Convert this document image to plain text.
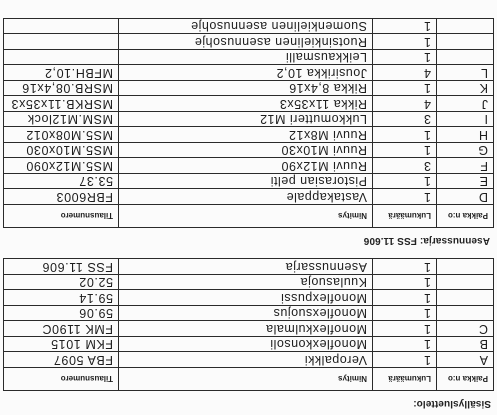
Sisällysluettelo:
Paikka n:o	Lukumäärä	Nimitys	Tilausnumero
A	1	Veropalkki	FBA 5097
B	1	Monoflexkonsoli	FKM 1015
C	1	Monoflexkulmala	FMK 1190C
	1	Monoflexsuojus	59.06
	1	Monoflexpussi	59.14
	1	Kuulasuoja	52.02
	1	Asennussarja	FSS 11.606
Asennussarja: FSS 11.606
Paikka n:o	Lukumäärä	Nimitys	Tilausnumero
D	1	Vastakappale	FBR6003
E	1	Pistorasian pelti	53.37
F	3	Ruuvi M12x90	MS5.M12x090
G	1	Ruuvi M10x30	MS5.M10x030
H	1	Ruuvi M8x12	MS5.M08x012
I	3	Lukkomutteri M12	MSM.M12lock
J	4	Rikka 11x35x3	MSRKB.11x35x3
K	1	Rikka 8,4x16	MSRB.08,4x16
L	4	Jousirikka 10,2	MFBH.10,2
	1	Leikkausmalli	
	1	Ruotsinkielinen asennusohje	
	1	Suomenkielinen asennusohje	
